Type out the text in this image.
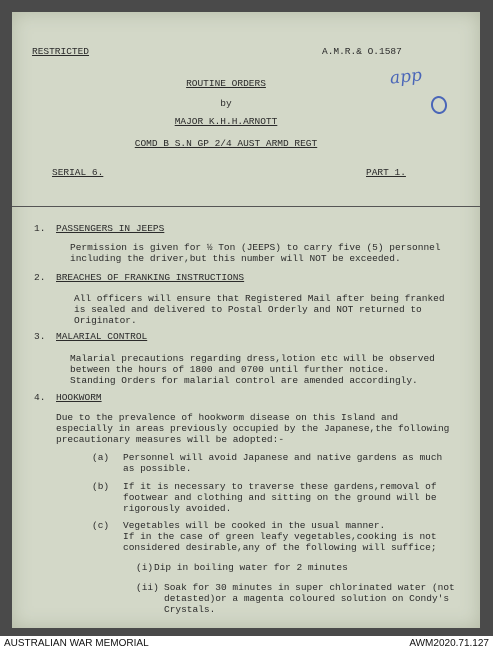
RESTRICTED	A.M.R.& O.1587
app
ROUTINE ORDERS
by
MAJOR K.H.H.ARNOTT
COMD B S.N GP 2/4 AUST ARMD REGT
SERIAL 6.	PART 1.
1. PASSENGERS IN JEEPS
Permission is given for ½ Ton (JEEPS) to carry five (5) personnel
including the driver,but this number will NOT be exceeded.
2. BREACHES OF FRANKING INSTRUCTIONS
All officers will ensure that Registered Mail after being franked
is sealed and delivered to Postal Orderly and NOT returned to
Originator.
3. MALARIAL CONTROL
Malarial precautions regarding dress,lotion etc will be observed
between the hours of 1800 and 0700 until further notice.
Standing Orders for malarial control are amended accordingly.
4. HOOKWORM
Due to the prevalence of hookworm disease on this Island and
especially in areas previously occupied by the Japanese,the following
precautionary measures will be adopted:-
(a) Personnel will avoid Japanese and native gardens as much
as possible.
(b) If it is necessary to traverse these gardens,removal of
footwear and clothing and sitting on the ground will be
rigorously avoided.
(c) Vegetables will be cooked in the usual manner.
If in the case of green leafy vegetables,cooking is not
considered desirable,any of the following will suffice;
(i) Dip in boiling water for 2 minutes
(ii) Soak for 30 minutes in super chlorinated water (not
detasted)or a magenta coloured solution on Condy's
Crystals.
AUSTRALIAN WAR MEMORIAL	AWM2020.71.127
